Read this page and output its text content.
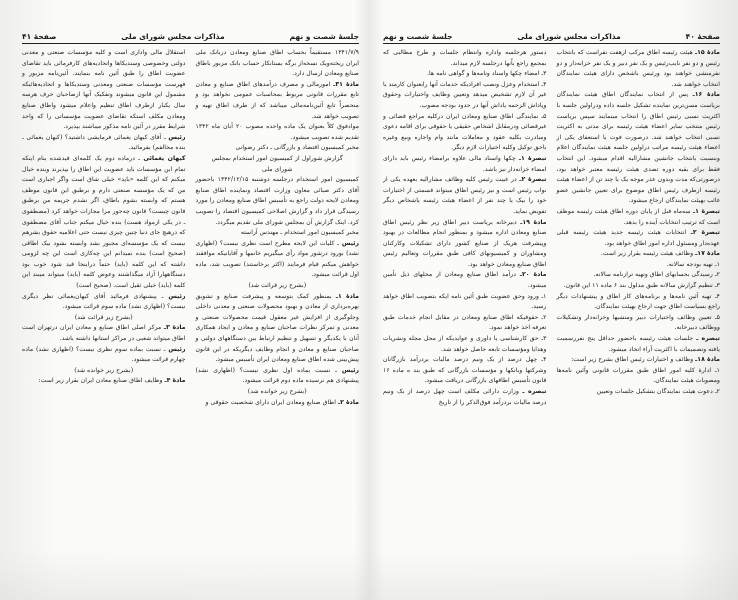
جلسهٔ شصت و نهم
مذاکرات مجلس شورای ملی
صفحهٔ ۴۱

۱۳۴۱/۷/۹ مستقیماً بحساب اطاق صنایع ومعادن دربانک ملی ایران ریخته‌ویک نسخه‌از برگه بستانکار حساب بانک مزبور باطاق صنایع ومعادن ارسال دارد.

مادهٔ ۳۱ـ امورمالی و مصرف درآمدهای اطاق صنایع و معادن تابع مقررات قانونی مربوط بمحاسبات عمومی نخواهد بود و منحصراً تابع آئین‌نامه‌مالی میباشد که از طرف اطاق تهیه و تصویب خواهد شد.

موادفوق کلاً بعنوان یک ماده واحده مصوب ۲۰ آبان ماه ۱۳۴۲ تقدیم شده تصویب میشود.

مخبر کمیسیون اقتصاد و بازرگانی ـ دکتر رضوانی

گزارش شوراول از کمیسیون امور استخدام بمجلس

شورای ملی

کمیسیون امور استخدام درجلسه دوشنبه ۱۳۴۲/۱۲/۱۵ باحضور آقای دکتر صبائی معاون وزارت اقتصاد ونماینده اطاق صنایع ومعادن لایحه دولت راجع به تأسیس اطاق صنایع ومعادن را مورد رسیدگی قرار داد و گزارش اصلاحی کمیسیون اقتصاد را تصویب کرد. اینک گزارش آن بمجلس شورای ملی تقدیم میگردد.

مخبر کمیسیون امور استخدام ـ مهندس آراسته

رئیس ـ کلیات این لایحه مطرح است نظری نیست؟ (اظهاری نشد) بورود درشور مواد رأی میگیریم خانمها و آقایانیکه موافقند خواهش میکنم قیام فرمایند (اکثر برخاستند) تصویب شد، ماده اول قرائت میشود.

(بشرح زیر قرائت شد)

مادهٔ ۱ـ بمنظور کمک بتوسعه و پیشرفت صنایع و تشویق بهره‌برداری از معادن و بهبود محصولات صنعتی و معدنی داخلی وجلوگیری از افزایش غیر معقول قیمت محصولات صنعتی و معدنی و تمرکز نظرات صاحبان صنایع و معادن و ایجاد همکاری آنان با یکدیگر و تسهیل و تنظیم ارتباط بین دستگاههای دولتی و صاحبان صنایع و معادن و انجام وظایف دیگریکه در این قانون پیش‌بینی شده اطاق صنایع ومعادن ایران تأسیس میشود.

رئیس ـ نسبت بماده اول نظری نیست؟ (اظهاری نشد) پیشنهادی هم نرسیده ماده دوم قرائت میشود.

(بشرح زیر خوانده شد)

مادهٔ ۲ـ اطاق صنایع ومعادن ایران دارای شخصیت حقوقی و

استقلال مالی واداری است و کلیه مؤسسات صنعتی و معدنی دولتی وخصوصی وسندیکاها واتحادیه‌های کارفرمائی باید تقاضای عضویت اطاق را طبق آئین نامه بنمایند. آئین‌نامه مزبور و فهرست مؤسسات صنعتی ومعدنی وسندیکاها و اتحادیه‌هائیکه مشمول این قانون میشوند وتفکیک آنها ازصاحبان حرف هرسه سال یکبار ازطرف اطاق تنظیم واعلام میشود واطاق صنایع ومعادن مکلف استکه تقاضای عضویت مؤسساتی را که واجد شرایط مقرر در آئین نامه مذکور میباشند بپذیرد.

رئیس ـ آقای کیهان یغمائی فرمایشی داشتید؟ (کیهان یغمائی ـ بنده مخالفم) بفرمائید.

کیهان یغمائی ـ درماده دوم یک کلمه‌ای قیدشده بنام اینکه تمام این مؤسسات باید عضویت این اطاق را بپذیرند وبنده خیال میکنم که این کلمه «باید» خیلی شاق است واگر اجباری است من که یک مؤسسه صنعتی دارم و برطبق این قانون موظف هستم که وابسته بشوم باطاق، اگر نشدم جریمه من برطبق قانون چیست؟ قانون چه‌جور مرا مجازات خواهد کرد (مصطفوی ـ در یکی ازمواد هست) بنده خیال میکنم جناب آقای مصطفوی که درهیچ جای دنیا چنین چیزی نیست حتی اعلامیه حقوق بشرهم نیست که یک مؤسسه‌ای مجبور بشد وابسته بشود بیک اطاقی (صحیح است) بنده نمیدانم این چه‌کاری است این چه لزومی داشته که این کلمه (باید) حتماً دراینجا قید شود خوب بود دستگاههارا آزاد میگذاشتند وعوض کلمه (باید) میتواند میبند این کلمه (باید) خیلی ثقیل است. (صحیح است)

رئیس ـ پیشنهادی فرمائید آقای کیهان‌یغمائی نظر دیگری نیست؟ (اظهاری نشد) ماده سوم قرائت میشود.

(بشرح زیر قرائت شد)

مادهٔ ۳ـ مرکز اصلی اطاق صنایع و معادن ایران درتهران است اطاق میتواند شعبی در مراکز استانها داشته باشد.

رئیس ـ نسبت بماده سوم نظری نیست؟ (اظهاری نشد) ماده چهارم قرائت میشود.

(بشرح زیر خوانده شد)

مادهٔ ۴ـ وظایف اطاق صنایع معادن ایران بقرار زیر است:

صفحهٔ ۴۰
مذاکرات مجلس شورای ملی
جلسهٔ شصت و نهم

مادهٔ ۱۵ـ هیئت رئیسه اطاق مرکب ازهفت نفراست که بانتخاب رئیس و دو نفر نایب‌رئیس و یک نفر دبیر و یک نفر خزانه‌دار و دو نفرمنشی خواهند بود ورئیس باشخص دارای هیئت نمایندگان انتخاب خواهند شد.

مادهٔ ۱۶ـ پس از انتخاب نمایندگان اطاق هیئت نمایندگان بریاست مسن‌ترین نماینده تشکیل جلسه داده ودراولین جلسه با اکثریت نسبی رئیس اطاق را انتخاب مینمایند سپس بریاست رئیس منتخب سایر اعضاء هیئت رئیسه برای مدتی به اکثریت نسبی انتخاب خواهند شد. درصورت فوت یا استعفای یکی از اعضاء هیئت رئیسه مراتب دراولین جلسه هیئت نمایندگان اعلام وبنسبت بانتخاب جانشین مشارالیه اقدام میشود. این انتخاب فقط برای بقیه دوره تصدی هیئت رئیسه معتبر خواهد بود، درصورتی‌که مدت وبدون عذر موجه یک یا چند تن از اعضاء هیئت رئیسه ازطرف رئیس اطاق موضوع برای تعیین جانشین عضو غائب بهیئت نمایندگان ارجاع میشود.

تبصرهٔ ۱ـ سه‌ماه قبل از پایان دوره اطاق هیئت رئیسه موظف است که ترتیب انتخابات آینده را بدهد.

تبصرهٔ ۲ـ انتخابات هیئت رئیسه جدید هیئت رئیسه قبلی عهده‌دار ومسئول اداره امور اطاق خواهد بود.

مادهٔ ۱۷ـ وظائف هیئت رئیسه بقرار زیر است.

۱ـ تهیه بودجه سالانه.

۲ـ رسیدگی بحسابهای اطاق وتهیه ترازنامه سالانه.

۳ـ تنظیم گزارش سالانه طبق مدلول بند ۶ ماده ۱۱ این قانون.

۴ـ تهیه آئین نامه‌ها و برنامه‌های کار اطاق و پیشنهادات دیگر راجع بسیاست اطاق جهت ارجاع بهیئت نمایندگان.

۵ـ تعیین وظائف واختیارات دبیر ومنشیها وخزانه‌دار وتشکیلات ووظائف دبیرخانه.

تبصره ـ جلسات هیئت رئیسه باحضور حداقل پنج نفررسمیت یافته وتصمیمات با اکثریت آراء اتخاذ میشود.

مادهٔ ۱۸ـ وظائف و اختیارات رئیس اطاق بشرح زیر است:

۱ـ ادارهٔ کلیه امور اطاق طبق مقررات قانونی وآئین نامه‌ها ومصوبات هیئت نمایندگان.

۲ـ دعوت هیئت نمایندگان بتشکیل جلسات وتعیین

دستور هرجلسه واداره وانتظام جلسات و طرح مطالبی که بمجمع راجع باًنها درجلسه لازم میداند.

۳ـ امضاء چکها واسناد ونامه‌ها و گواهی نامه ها.

۴ـ استخدام وعزل ونصب افرادیکه خدمات آنها رابعنوان کارمند یا غیر آن لازم تشخیص میدهد وتعیین وظایف واختیارات وحقوق وپاداش الزحمه یاداش آنها در حدود بودجه مصوب.

۵ـ نمایندگی اطاق صنایع ومعادن ایران درکلیه مراجع قضائی و غیرقضائی ودرمقابل اشخاص حقیقی یا حقوقی برای اقامه دعوی ومبادرت بکلیه عقود و معاملات مانند وام واجاره وبیع وغیره باحق توکیل وکلیه اختیارات لازم دیگر.

تبصرهٔ ۱ـ چکها واسناد مالی علاوه برامضاء رئیس باید دارای امضاء خزانه‌دار نیز باشد.

تبصرهٔ ۲ـ در غیبت رئیس کلیه وظائف مشارالیه بعهده یکی از نواب رئیس است و نیز رئیس اطاق میتواند قسمتی از اختیارات خود را بیک یا چند نفر از اعضاء هیئت رئیسه یاشخاص دیگر تفویض نماید.

مادهٔ ۱۹ـ دبیرخانه بریاست دبیر اطاق زیر نظر رئیس اطاق صنایع ومعادن اداره میشود و بمنظور انجام مطالعات در بهبود وپیشرفت هریک از صنایع کشور دارای تشکیلات وکارکنان ومشاوران و کمیسیونهای کافی طبق مقررات وتعالیم رئیس اطاق صنایع ومعادن خواهد بود.

مادهٔ ۲۰ـ درآمد اطاق صنایع ومعادن از محلهای ذیل تأمین میشود.

۱ـ ورود وحق عضویت طبق آئین نامه ایکه بتصویب اطاق خواهد رسید.

۲ـ حقوقیکه اطاق صنایع ومعادن در مقابل انجام خدمات طبق تعرفه اخذ خواهد نمود.

۳ـ حق کارشناسی یا داوری و عوایدیکه از محل مجله ونشریات وهدایا ومؤسسات تابعه حاصل خواهد شد.

۴ـ چهل درصد از یک ونیم درصد مالیات بردرآمد بازرگانان وشرکتها وبانکها و مؤسسات بازرگانی که طبق بند ه ماده ۱۶ قانون تأسیس اطاقهای بازرگانی دریافت میشود.

تبصره ـ وزارت دارائی مکلف است چهل درصد از یک ونیم درصد مالیات بردرآمد فوق‌الذکر را از تاریخ
